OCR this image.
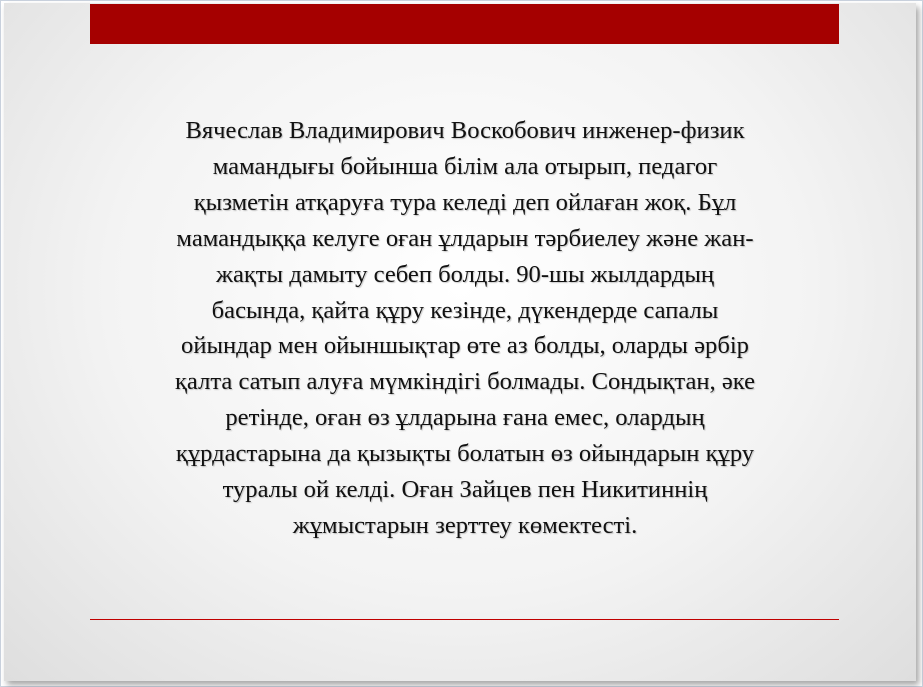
Вячеслав Владимирович Воскобович инженер-физик
мамандығы бойынша білім ала отырып, педагог
қызметін атқаруға тура келеді деп ойлаған жоқ. Бұл
мамандыққа келуге оған ұлдарын тәрбиелеу және жан-
жақты дамыту себеп болды. 90-шы жылдардың
басында, қайта құру кезінде, дүкендерде сапалы
ойындар мен ойыншықтар өте аз болды, оларды әрбір
қалта сатып алуға мүмкіндігі болмады. Сондықтан, әке
ретінде, оған өз ұлдарына ғана емес, олардың
құрдастарына да қызықты болатын өз ойындарын құру
туралы ой келді. Оған Зайцев пен Никитиннің
жұмыстарын зерттеу көмектесті.
